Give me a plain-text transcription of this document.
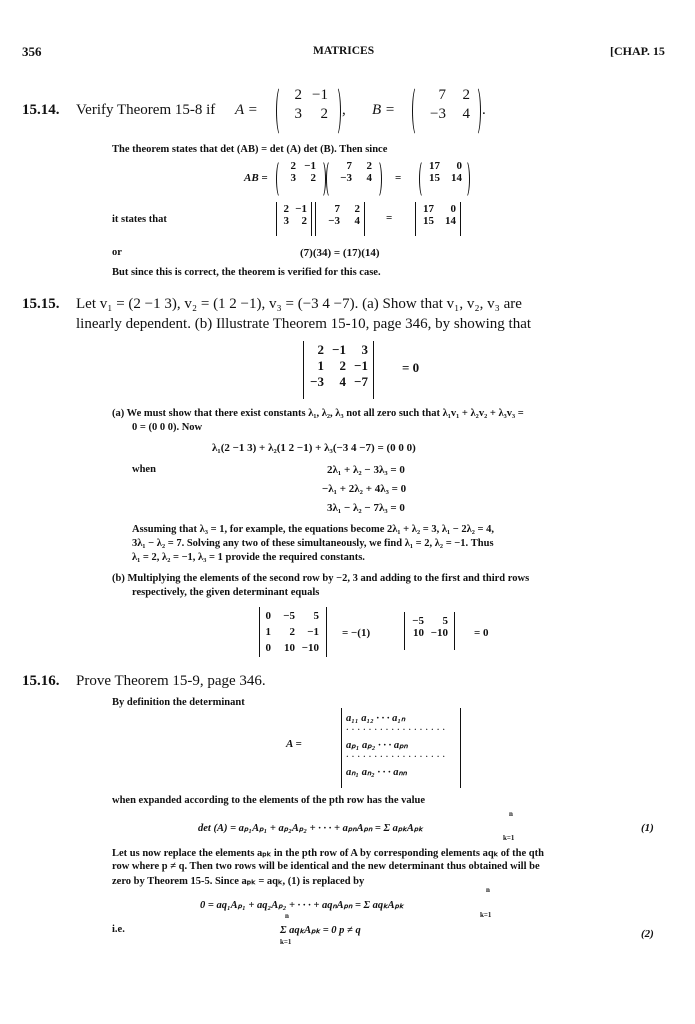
356	MATRICES	[CHAP. 15
15.14. Verify Theorem 15-8 if A =
2 −1
3	2 , B =
7	2
−3	4 .
The theorem states that det (AB) = det (A) det (B). Then since
AB =
2 −1
3	2
7	2
−3	4 =
17	0
15	14
it states that
2 −1
3	2
7	2
−3	4 =
17	0
15	14
or	(7)(34) = (17)(14)
But since this is correct, the theorem is verified for this case.
15.15. Let v₁ = (2 −1 3), v₂ = (1 2 −1), v₃ = (−3 4 −7). (a) Show that v₁, v₂, v₃ are
linearly dependent. (b) Illustrate Theorem 15-10, page 346, by showing that
2 −1	3
1	2 −1
−3	4 −7
= 0
(a) We must show that there exist constants λ₁, λ₂, λ₃ not all zero such that λ₁v₁ + λ₂v₂ + λ₃v₃ =
0 = (0 0 0). Now
λ₁(2 −1 3) + λ₂(1 2 −1) + λ₃(−3 4 −7) = (0 0 0)
when	2λ₁ + λ₂ − 3λ₃ = 0
−λ₁ + 2λ₂ + 4λ₃ = 0
3λ₁ − λ₂ − 7λ₃ = 0
Assuming that λ₃ = 1, for example, the equations become 2λ₁ + λ₂ = 3, λ₁ − 2λ₂ = 4,
3λ₁ − λ₂ = 7. Solving any two of these simultaneously, we find λ₁ = 2, λ₂ = −1. Thus
λ₁ = 2, λ₂ = −1, λ₃ = 1 provide the required constants.
(b) Multiplying the elements of the second row by −2, 3 and adding to the first and third rows
respectively, the given determinant equals
0	−5	5
1	2	−1
0	10 −10
= −(1)
−5	5
10 −10 = 0
15.16. Prove Theorem 15-9, page 346.
By definition the determinant
A =
a₁₁ a₁₂ · · · a₁ₙ
· · · · · · · · · · · · · · · · · ·
aₚ₁ aₚ₂ · · · aₚₙ
· · · · · · · · · · · · · · · · · ·
aₙ₁ aₙ₂ · · · aₙₙ
when expanded according to the elements of the pth row has the value
det (A) = aₚ₁Aₚ₁ + aₚ₂Aₚ₂ + · · · + aₚₙAₚₙ = Σ aₚₖAₚₖ
n
k=1
(1)
Let us now replace the elements aₚₖ in the pth row of A by corresponding elements aqₖ of the qth
row where p ≠ q. Then two rows will be identical and the new determinant thus obtained will be
zero by Theorem 15-5. Since aₚₖ = aqₖ, (1) is replaced by
0 = aq₁Aₚ₁ + aq₂Aₚ₂ + · · · + aqₙAₚₙ = Σ aqₖAₚₖ
n
k=1
i.e.
n
Σ aqₖAₚₖ = 0 p ≠ q
k=1
(2)
